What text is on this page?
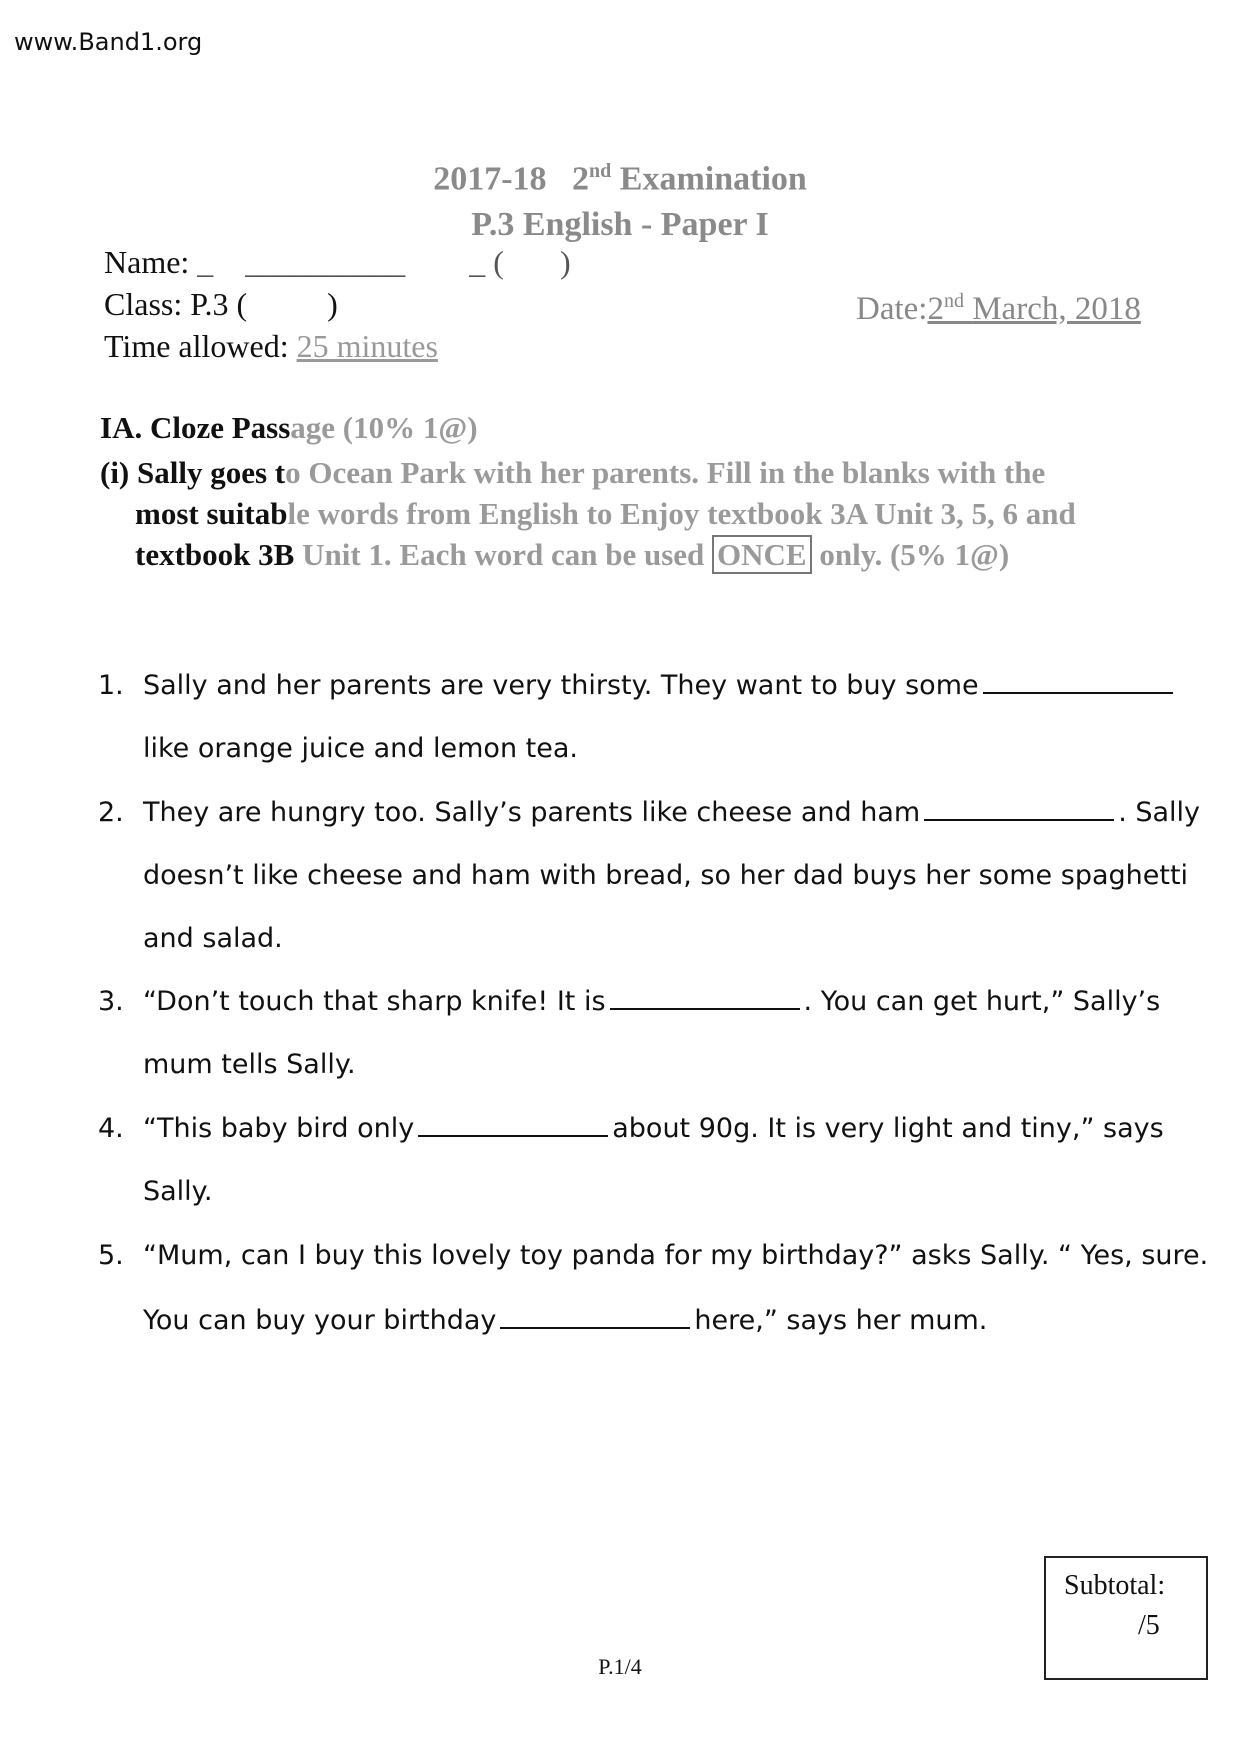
www.Band1.org
2017-18 2nd Examination
P.3 English - Paper I
Name: _    __________        _ (       )
Class: P.3 (	)
Time allowed: 25 minutes
Date:2nd March, 2018
IA. Cloze Passage (10% 1@)
(i) Sally goes to Ocean Park with her parents. Fill in the blanks with the
most suitable words from English to Enjoy textbook 3A Unit 3, 5, 6 and
textbook 3B Unit 1. Each word can be used ONCE only. (5% 1@)
1. Sally and her parents are very thirsty. They want to buy some
like orange juice and lemon tea.
2. They are hungry too. Sally’s parents like cheese and ham	. Sally
doesn’t like cheese and ham with bread, so her dad buys her some spaghetti
and salad.
3. “Don’t touch that sharp knife! It is	. You can get hurt,” Sally’s
mum tells Sally.
4. “This baby bird only	about 90g. It is very light and tiny,” says
Sally.
5. “Mum, can I buy this lovely toy panda for my birthday?” asks Sally. “ Yes, sure.
You can buy your birthday	here,” says her mum.
Subtotal:
/5
P.1/4
